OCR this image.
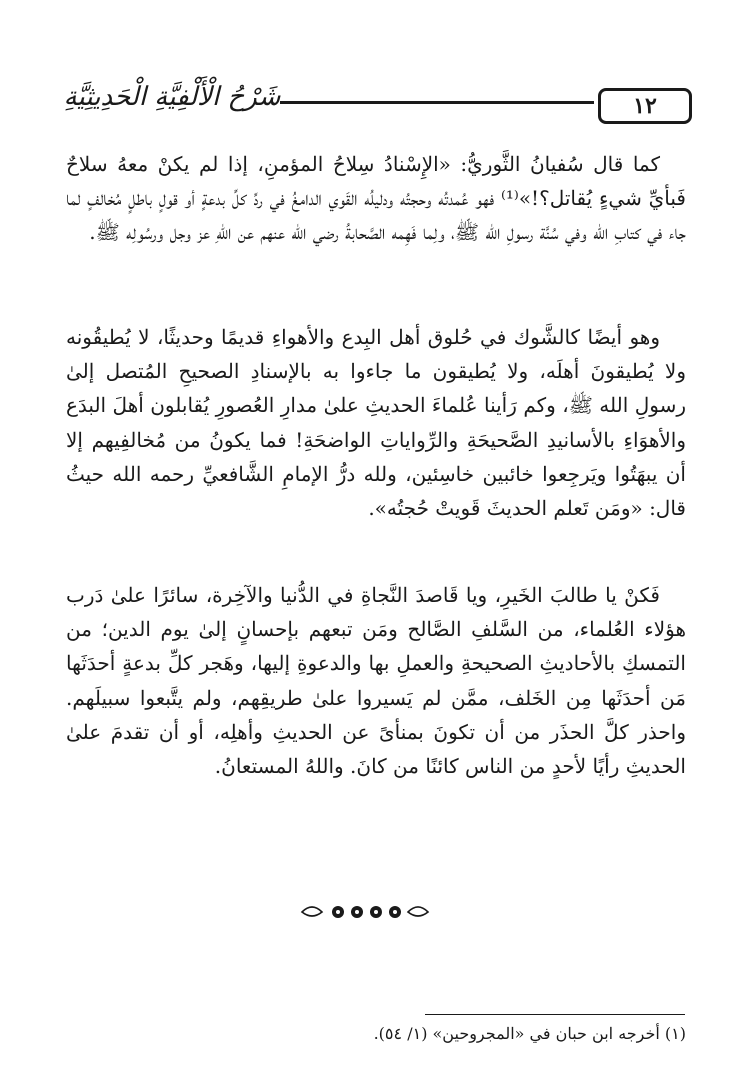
١٢
شَرْحُ الْأَلْفِيَّةِ الْحَدِيثِيَّةِ

كما قال سُفيانُ الثَّوريُّ: «الإِسْنادُ سِلاحُ المؤمنِ، إذا لم يكنْ معهُ سلاحٌ فَبأيِّ شيءٍ يُقاتل؟!»⁽¹⁾ فهو عُمدتُه وحجتُه ودليلُه القَوي الدامغُ في ردِّ كلِّ بدعةٍ أو قولٍ باطلٍ مُخالفٍ لما جاء في كتابِ الله وفي سُنَّة رسولِ الله ﷺ، ولِما فَهِمه الصَّحابةُ رضي الله عنهم عن اللهِ عز وجل ورسُولِه ﷺ.

وهو أيضًا كالشَّوك في حُلوق أهل البِدع والأهواءِ قديمًا وحديثًا، لا يُطيقُونه ولا يُطيقونَ أهلَه، ولا يُطيقون ما جاءوا به بالإسنادِ الصحيحِ المُتصل إلىٰ رسولِ الله ﷺ، وكم رَأينا عُلماءَ الحديثِ علىٰ مدارِ العُصورِ يُقابلون أهلَ البدَع والأهوَاءِ بالأسانيدِ الصَّحيحَةِ والرِّواياتِ الواضحَةِ! فما يكونُ من مُخالفِيهم إلا أن يبهَتُوا ويَرجِعوا خائبين خاسِئين، ولله درُّ الإمامِ الشَّافعيِّ رحمه الله حيثُ قال: «ومَن تَعلم الحديثَ قَويتْ حُجتُه».

فَكنْ يا طالبَ الخَيرِ، ويا قَاصدَ النَّجاةِ في الدُّنيا والآخِرة، سائرًا علىٰ دَرب هؤلاء العُلماء، من السَّلفِ الصَّالح ومَن تبعهم بإحسانٍ إلىٰ يوم الدين؛ من التمسكِ بالأحاديثِ الصحيحةِ والعملِ بها والدعوةِ إليها، وهَجر كلِّ بدعةٍ أحدَثَها مَن أحدَثَها مِن الخَلف، ممَّن لم يَسيروا علىٰ طريقِهم، ولم يتَّبعوا سبيلَهم. واحذر كلَّ الحذَر من أن تكونَ بمنأىً عن الحديثِ وأهلِه، أو أن تقدمَ علىٰ الحديثِ رأيًا لأحدٍ من الناس كائنًا من كانَ. واللهُ المستعانُ.

(١) أخرجه ابن حبان في «المجروحين» (١/ ٥٤).
